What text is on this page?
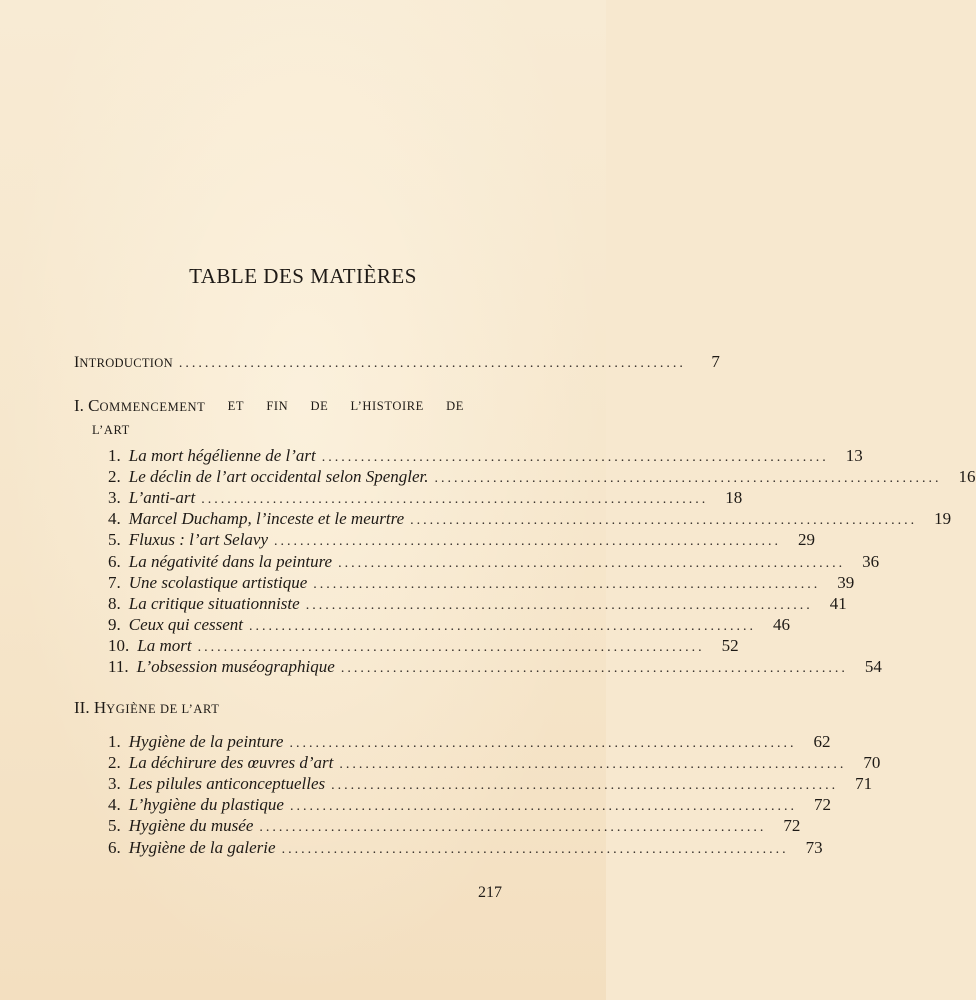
TABLE DES MATIÈRES
INTRODUCTION ..............................................................................	7
I. COMMENCEMENT ET FIN DE L’HISTOIRE DE
L’ART
1. La mort hégélienne de l’art ..............................................................................	13
2. Le déclin de l’art occidental selon Spengler. ..............................................................................	16
3. L’anti-art ..............................................................................	18
4. Marcel Duchamp, l’inceste et le meurtre ..............................................................................	19
5. Fluxus : l’art Selavy ..............................................................................	29
6. La négativité dans la peinture ..............................................................................	36
7. Une scolastique artistique ..............................................................................	39
8. La critique situationniste ..............................................................................	41
9. Ceux qui cessent ..............................................................................	46
10. La mort ..............................................................................	52
11. L’obsession muséographique ..............................................................................	54
II. HYGIÈNE DE L’ART
1. Hygiène de la peinture ..............................................................................	62
2. La déchirure des œuvres d’art ..............................................................................	70
3. Les pilules anticonceptuelles ..............................................................................	71
4. L’hygiène du plastique ..............................................................................	72
5. Hygiène du musée ..............................................................................	72
6. Hygiène de la galerie ..............................................................................	73
217
